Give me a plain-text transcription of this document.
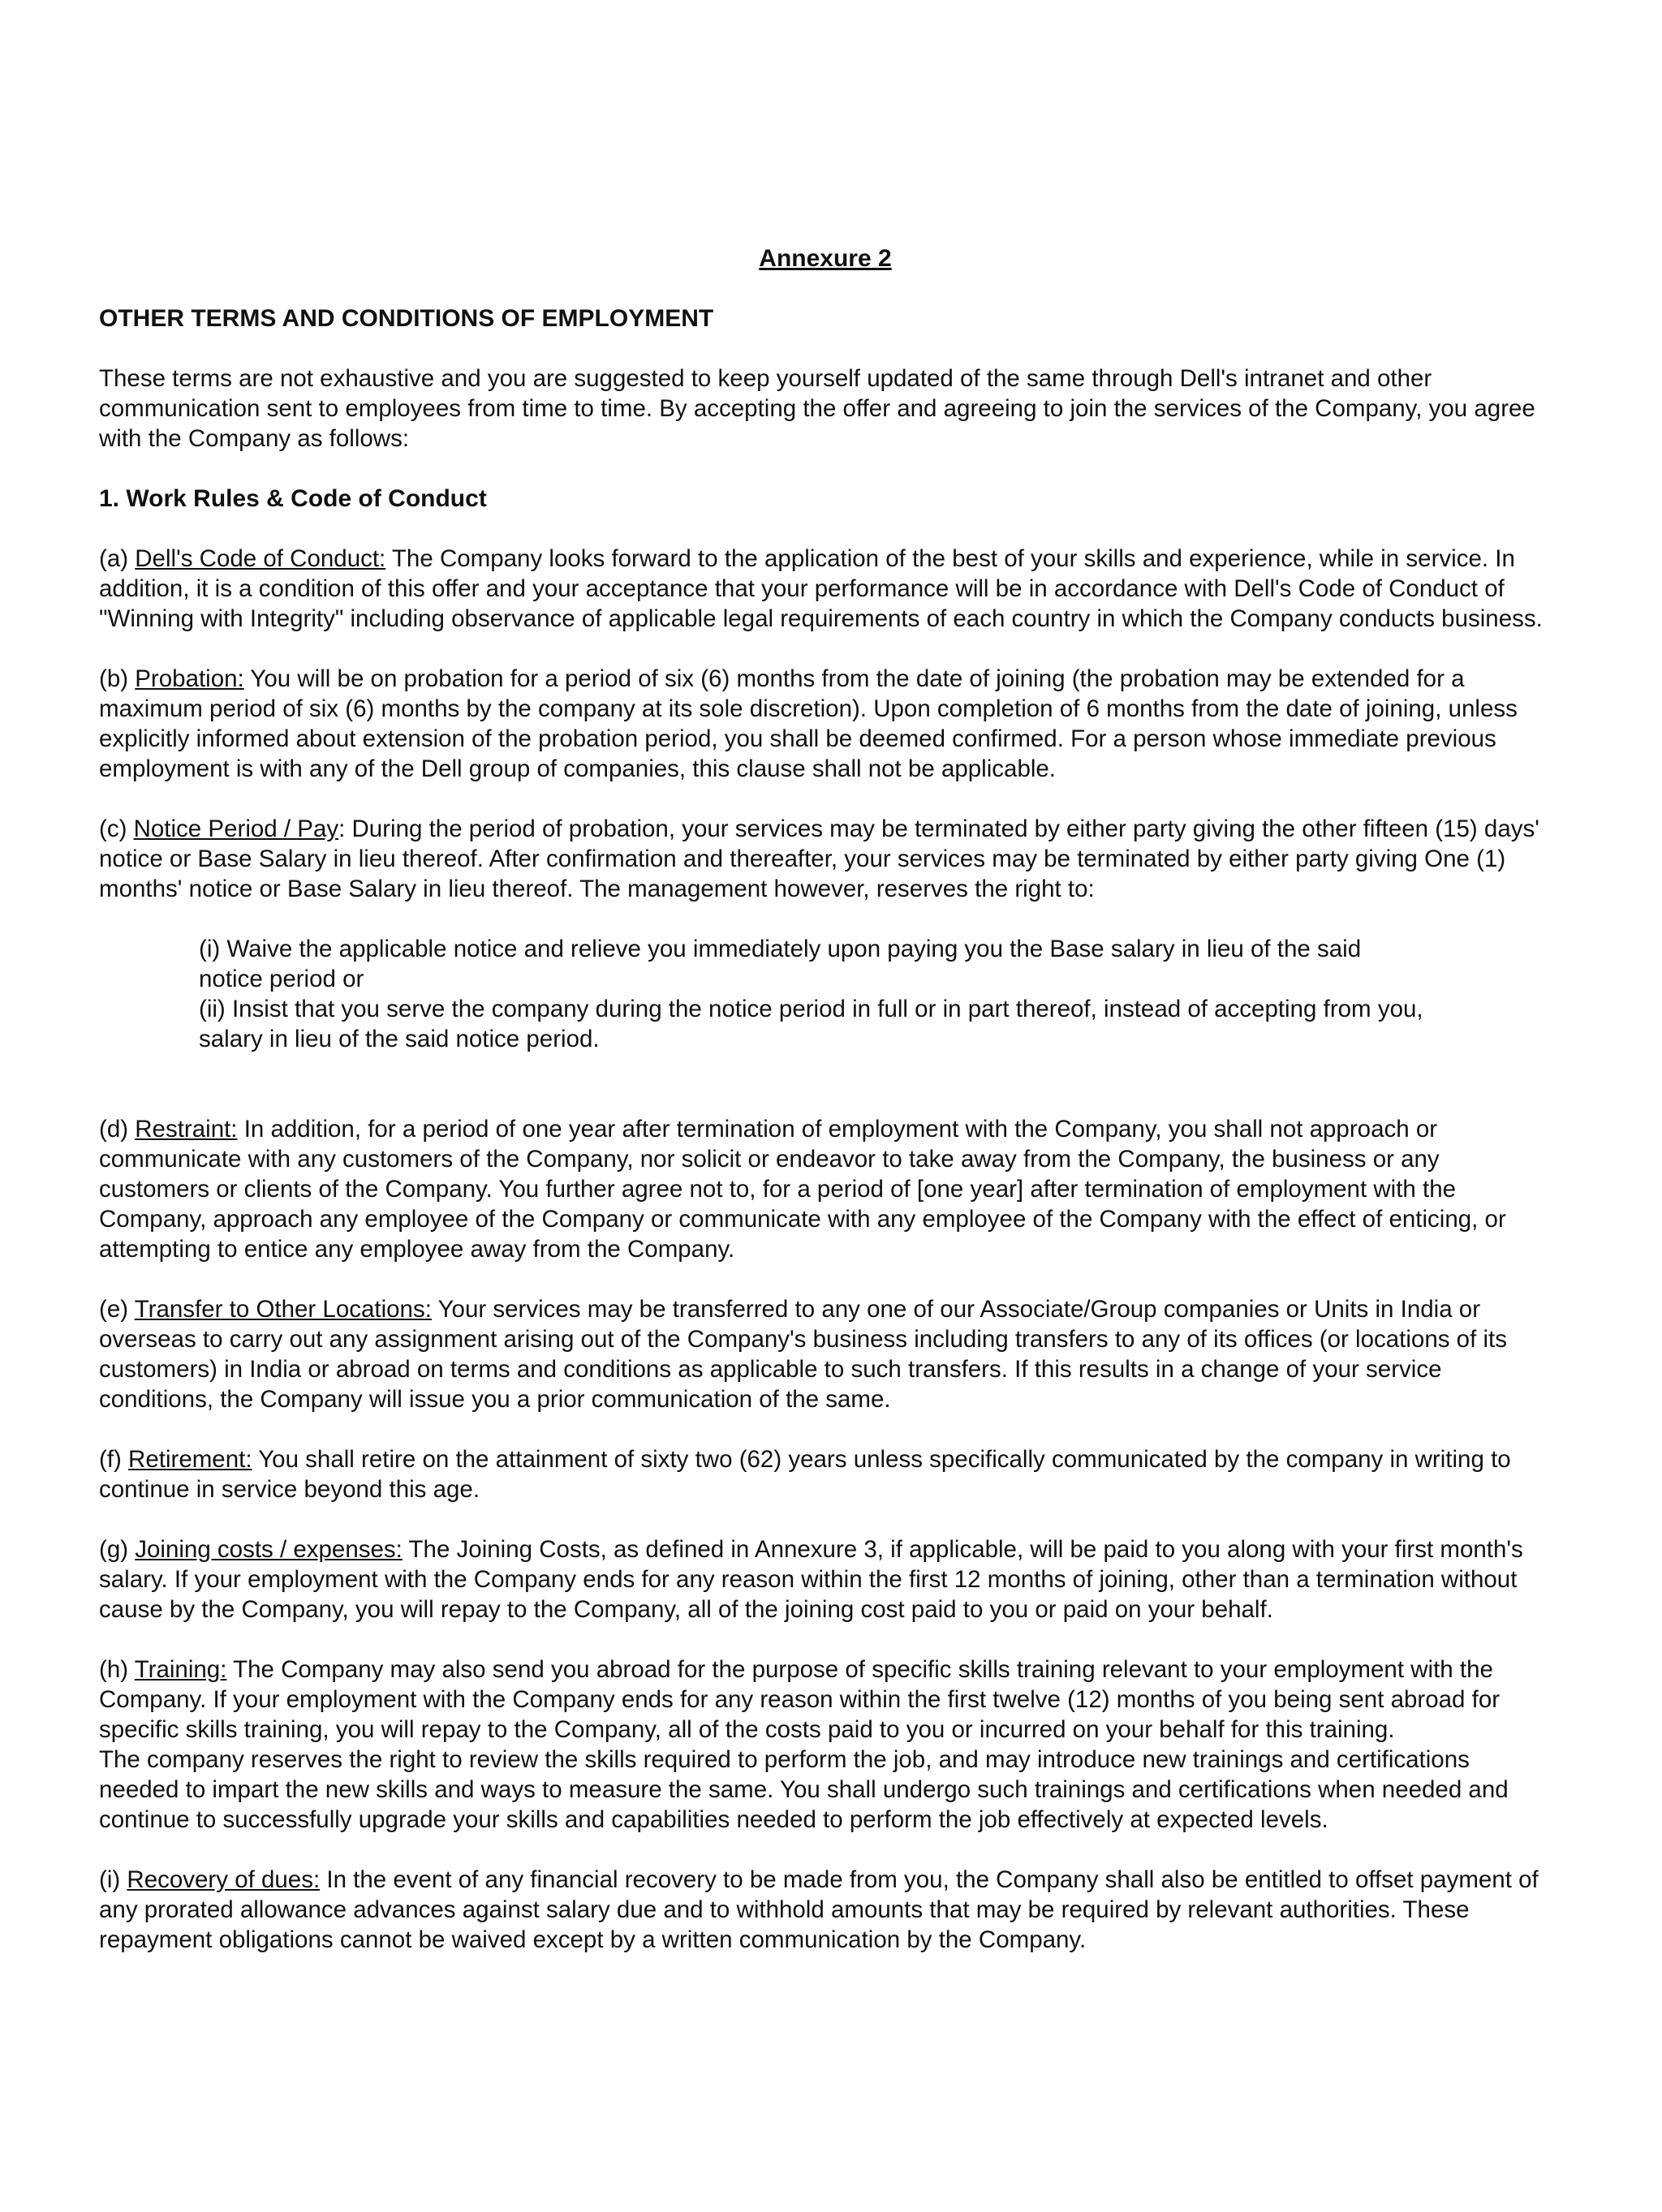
Annexure 2
OTHER TERMS AND CONDITIONS OF EMPLOYMENT
These terms are not exhaustive and you are suggested to keep yourself updated of the same through Dell's intranet and other communication sent to employees from time to time. By accepting the offer and agreeing to join the services of the Company, you agree with the Company as follows:
1. Work Rules & Code of Conduct
(a) Dell's Code of Conduct: The Company looks forward to the application of the best of your skills and experience, while in service. In addition, it is a condition of this offer and your acceptance that your performance will be in accordance with Dell's Code of Conduct of "Winning with Integrity" including observance of applicable legal requirements of each country in which the Company conducts business.
(b) Probation: You will be on probation for a period of six (6) months from the date of joining (the probation may be extended for a maximum period of six (6) months by the company at its sole discretion). Upon completion of 6 months from the date of joining, unless explicitly informed about extension of the probation period, you shall be deemed confirmed. For a person whose immediate previous employment is with any of the Dell group of companies, this clause shall not be applicable.
(c) Notice Period / Pay: During the period of probation, your services may be terminated by either party giving the other fifteen (15) days' notice or Base Salary in lieu thereof. After confirmation and thereafter, your services may be terminated by either party giving One (1) months' notice or Base Salary in lieu thereof. The management however, reserves the right to:
(i) Waive the applicable notice and relieve you immediately upon paying you the Base salary in lieu of the said notice period or
(ii) Insist that you serve the company during the notice period in full or in part thereof, instead of accepting from you, salary in lieu of the said notice period.
(d) Restraint: In addition, for a period of one year after termination of employment with the Company, you shall not approach or communicate with any customers of the Company, nor solicit or endeavor to take away from the Company, the business or any customers or clients of the Company. You further agree not to, for a period of [one year] after termination of employment with the Company, approach any employee of the Company or communicate with any employee of the Company with the effect of enticing, or attempting to entice any employee away from the Company.
(e) Transfer to Other Locations: Your services may be transferred to any one of our Associate/Group companies or Units in India or overseas to carry out any assignment arising out of the Company's business including transfers to any of its offices (or locations of its customers) in India or abroad on terms and conditions as applicable to such transfers. If this results in a change of your service conditions, the Company will issue you a prior communication of the same.
(f) Retirement: You shall retire on the attainment of sixty two (62) years unless specifically communicated by the company in writing to continue in service beyond this age.
(g) Joining costs / expenses: The Joining Costs, as defined in Annexure 3, if applicable, will be paid to you along with your first month's salary. If your employment with the Company ends for any reason within the first 12 months of joining, other than a termination without cause by the Company, you will repay to the Company, all of the joining cost paid to you or paid on your behalf.
(h) Training: The Company may also send you abroad for the purpose of specific skills training relevant to your employment with the Company. If your employment with the Company ends for any reason within the first twelve (12) months of you being sent abroad for specific skills training, you will repay to the Company, all of the costs paid to you or incurred on your behalf for this training.
The company reserves the right to review the skills required to perform the job, and may introduce new trainings and certifications needed to impart the new skills and ways to measure the same. You shall undergo such trainings and certifications when needed and continue to successfully upgrade your skills and capabilities needed to perform the job effectively at expected levels.
(i) Recovery of dues: In the event of any financial recovery to be made from you, the Company shall also be entitled to offset payment of any prorated allowance advances against salary due and to withhold amounts that may be required by relevant authorities. These repayment obligations cannot be waived except by a written communication by the Company.
